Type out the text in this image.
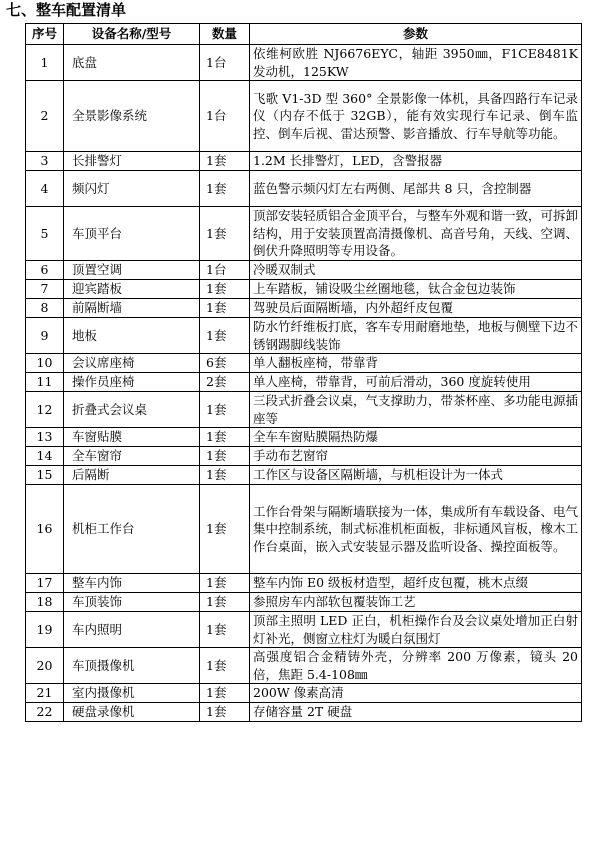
七、整车配置清单
序号	设备名称/型号	数量	参数
1	底盘	1台	依维柯欧胜 NJ6676EYC，轴距 3950㎜，F1CE8481K发动机，125KW
2	全景影像系统	1台	飞歌 V1-3D 型 360° 全景影像一体机，具备四路行车记录仪（内存不低于 32GB），能有效实现行车记录、倒车监控、倒车后视、雷达预警、影音播放、行车导航等功能。
3	长排警灯	1套	1.2M 长排警灯，LED，含警报器
4	频闪灯	1套	蓝色警示频闪灯左右两侧、尾部共 8 只，含控制器
5	车顶平台	1套	顶部安装轻质铝合金顶平台，与整车外观和谐一致，可拆卸结构，用于安装顶置高清摄像机、高音号角，天线、空调、倒伏升降照明等专用设备。
6	顶置空调	1台	冷暖双制式
7	迎宾踏板	1套	上车踏板，铺设吸尘丝圈地毯，钛合金包边装饰
8	前隔断墙	1套	驾驶员后面隔断墙，内外超纤皮包覆
9	地板	1套	防水竹纤维板打底，客车专用耐磨地垫，地板与侧壁下边不锈钢踢脚线装饰
10	会议席座椅	6套	单人翻板座椅，带靠背
11	操作员座椅	2套	单人座椅，带靠背，可前后滑动，360 度旋转使用
12	折叠式会议桌	1套	三段式折叠会议桌，气支撑助力，带茶杯座、多功能电源插座等
13	车窗贴膜	1套	全车车窗贴膜隔热防爆
14	全车窗帘	1套	手动布艺窗帘
15	后隔断	1套	工作区与设备区隔断墙，与机柜设计为一体式
16	机柜工作台	1套	工作台骨架与隔断墙联接为一体，集成所有车载设备、电气集中控制系统，制式标准机柜面板，非标通风盲板，橡木工作台桌面，嵌入式安装显示器及监听设备、操控面板等。
17	整车内饰	1套	整车内饰 E0 级板材造型，超纤皮包覆，桃木点缀
18	车顶装饰	1套	参照房车内部软包覆装饰工艺
19	车内照明	1套	顶部主照明 LED 正白，机柜操作台及会议桌处增加正白射灯补光，侧窗立柱灯为暖白氛围灯
20	车顶摄像机	1套	高强度铝合金精铸外壳，分辨率 200 万像素，镜头 20 倍，焦距 5.4-108㎜
21	室内摄像机	1套	200W 像素高清
22	硬盘录像机	1套	存储容量 2T 硬盘
